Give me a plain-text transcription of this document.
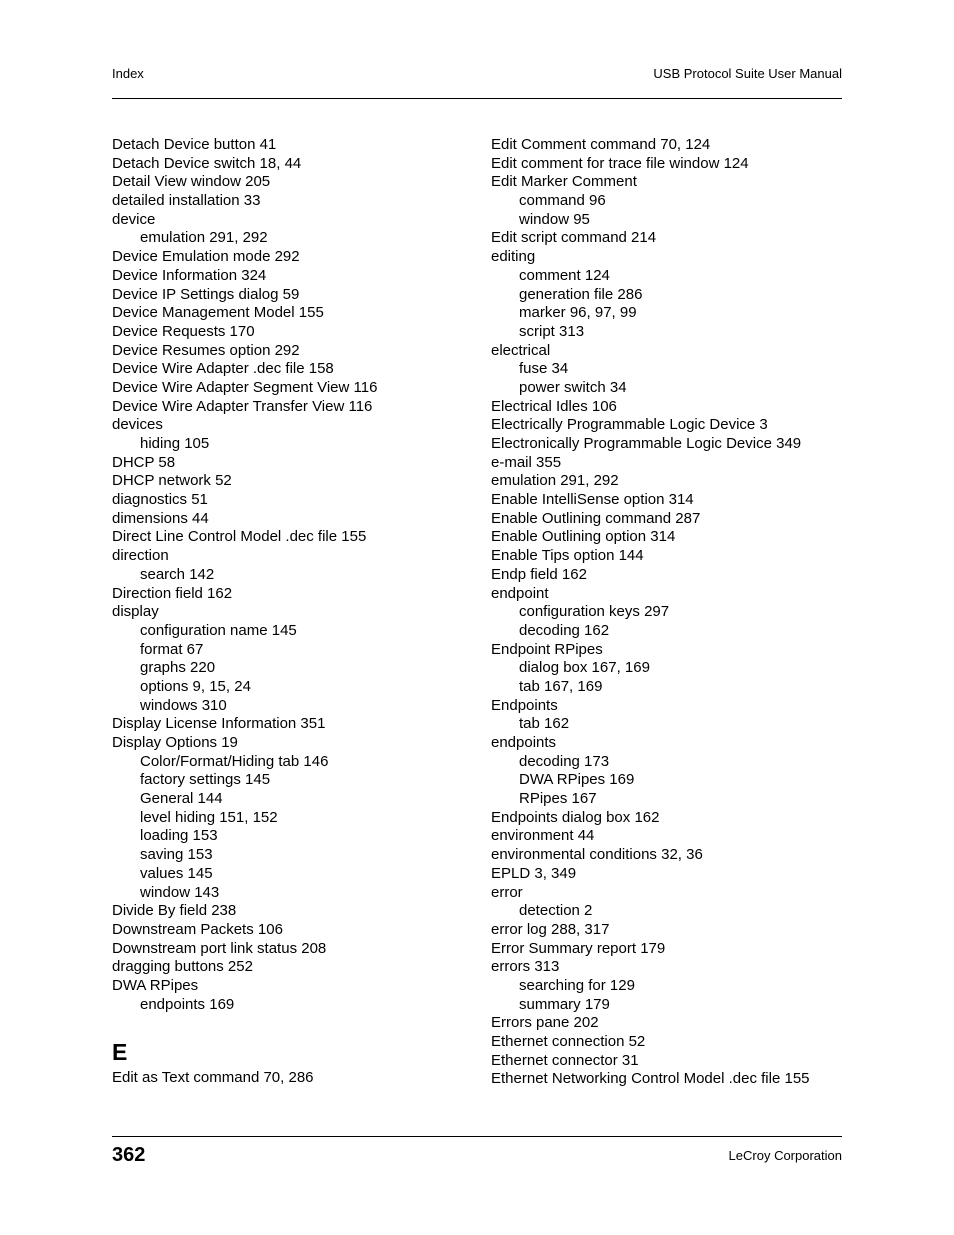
Index	USB Protocol Suite User Manual
Detach Device button 41
Detach Device switch 18, 44
Detail View window 205
detailed installation 33
device
emulation 291, 292
Device Emulation mode 292
Device Information 324
Device IP Settings dialog 59
Device Management Model 155
Device Requests 170
Device Resumes option 292
Device Wire Adapter .dec file 158
Device Wire Adapter Segment View 116
Device Wire Adapter Transfer View 116
devices
hiding 105
DHCP 58
DHCP network 52
diagnostics 51
dimensions 44
Direct Line Control Model .dec file 155
direction
search 142
Direction field 162
display
configuration name 145
format 67
graphs 220
options 9, 15, 24
windows 310
Display License Information 351
Display Options 19
Color/Format/Hiding tab 146
factory settings 145
General 144
level hiding 151, 152
loading 153
saving 153
values 145
window 143
Divide By field 238
Downstream Packets 106
Downstream port link status 208
dragging buttons 252
DWA RPipes
endpoints 169
E
Edit as Text command 70, 286
Edit Comment command 70, 124
Edit comment for trace file window 124
Edit Marker Comment
command 96
window 95
Edit script command 214
editing
comment 124
generation file 286
marker 96, 97, 99
script 313
electrical
fuse 34
power switch 34
Electrical Idles 106
Electrically Programmable Logic Device 3
Electronically Programmable Logic Device 349
e-mail 355
emulation 291, 292
Enable IntelliSense option 314
Enable Outlining command 287
Enable Outlining option 314
Enable Tips option 144
Endp field 162
endpoint
configuration keys 297
decoding 162
Endpoint RPipes
dialog box 167, 169
tab 167, 169
Endpoints
tab 162
endpoints
decoding 173
DWA RPipes 169
RPipes 167
Endpoints dialog box 162
environment 44
environmental conditions 32, 36
EPLD 3, 349
error
detection 2
error log 288, 317
Error Summary report 179
errors 313
searching for 129
summary 179
Errors pane 202
Ethernet connection 52
Ethernet connector 31
Ethernet Networking Control Model .dec file 155
362	LeCroy Corporation
